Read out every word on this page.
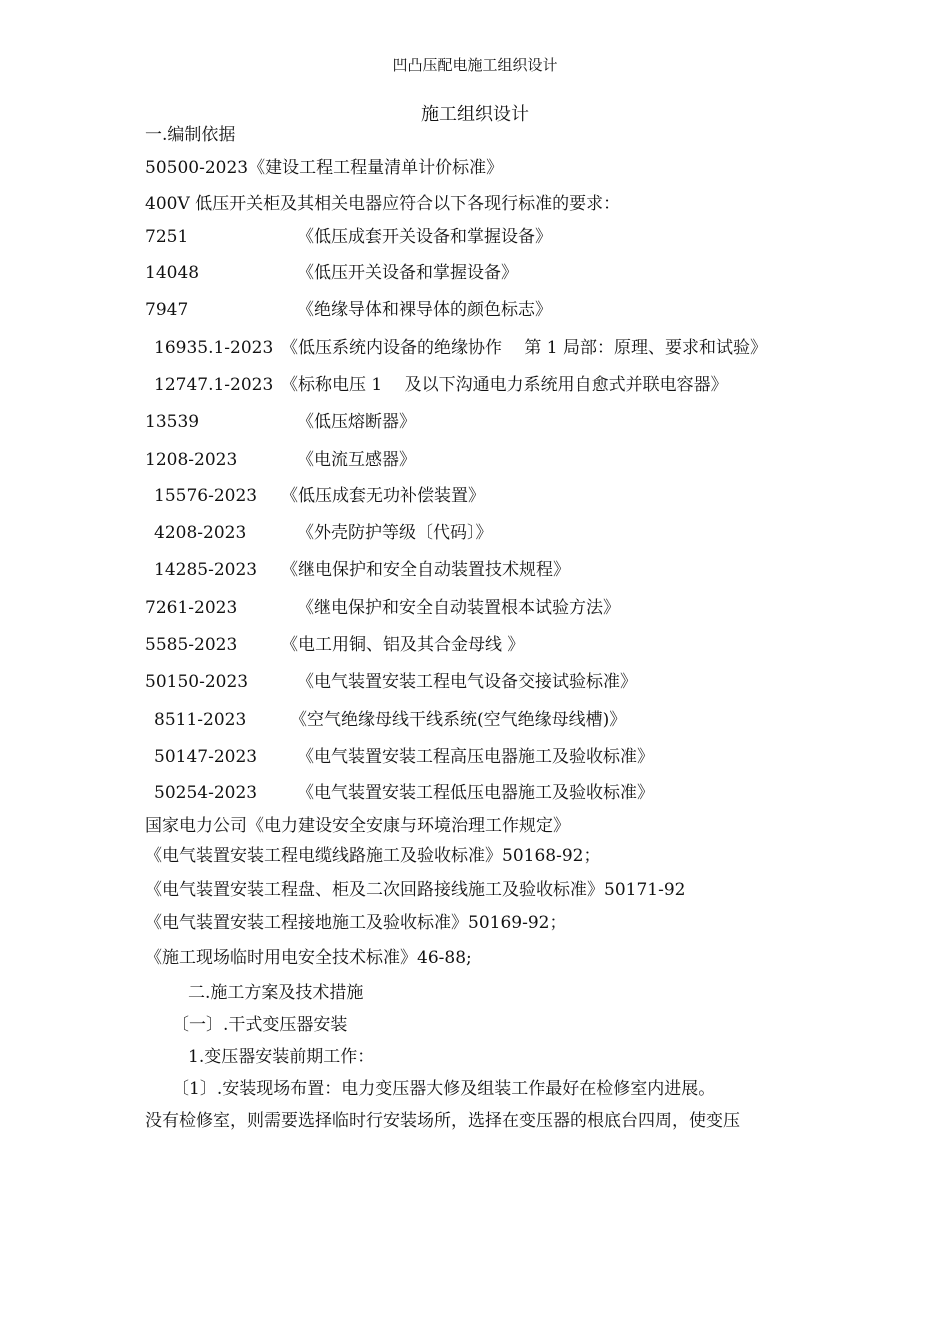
凹凸压配电施工组织设计
施工组织设计
一.编制依据
50500-2023《建设工程工程量清单计价标准》
400V 低压开关柜及其相关电器应符合以下各现行标准的要求：
7251	《低压成套开关设备和掌握设备》
14048	《低压开关设备和掌握设备》
7947	《绝缘导体和裸导体的颜色标志》
16935.1-2023 《低压系统内设备的绝缘协作　 第 1 局部：原理、要求和试验》
12747.1-2023 《标称电压 1　 及以下沟通电力系统用自愈式并联电容器》
13539	《低压熔断器》
1208-2023	《电流互感器》
15576-2023 《低压成套无功补偿装置》
4208-2023	《外壳防护等级〔代码〕》
14285-2023 《继电保护和安全自动装置技术规程》
7261-2023	《继电保护和安全自动装置根本试验方法》
5585-2023	《电工用铜、铝及其合金母线 》
50150-2023	《电气装置安装工程电气设备交接试验标准》
8511-2023	《空气绝缘母线干线系统(空气绝缘母线槽)》
50147-2023 《电气装置安装工程高压电器施工及验收标准》
50254-2023 《电气装置安装工程低压电器施工及验收标准》
国家电力公司《电力建设安全安康与环境治理工作规定》
《电气装置安装工程电缆线路施工及验收标准》50168-92；
《电气装置安装工程盘、柜及二次回路接线施工及验收标准》50171-92
《电气装置安装工程接地施工及验收标准》50169-92；
《施工现场临时用电安全技术标准》46-88;
二.施工方案及技术措施
〔一〕.干式变压器安装
1.变压器安装前期工作：
〔1〕.安装现场布置：电力变压器大修及组装工作最好在检修室内进展。
没有检修室，则需要选择临时行安装场所，选择在变压器的根底台四周，使变压
